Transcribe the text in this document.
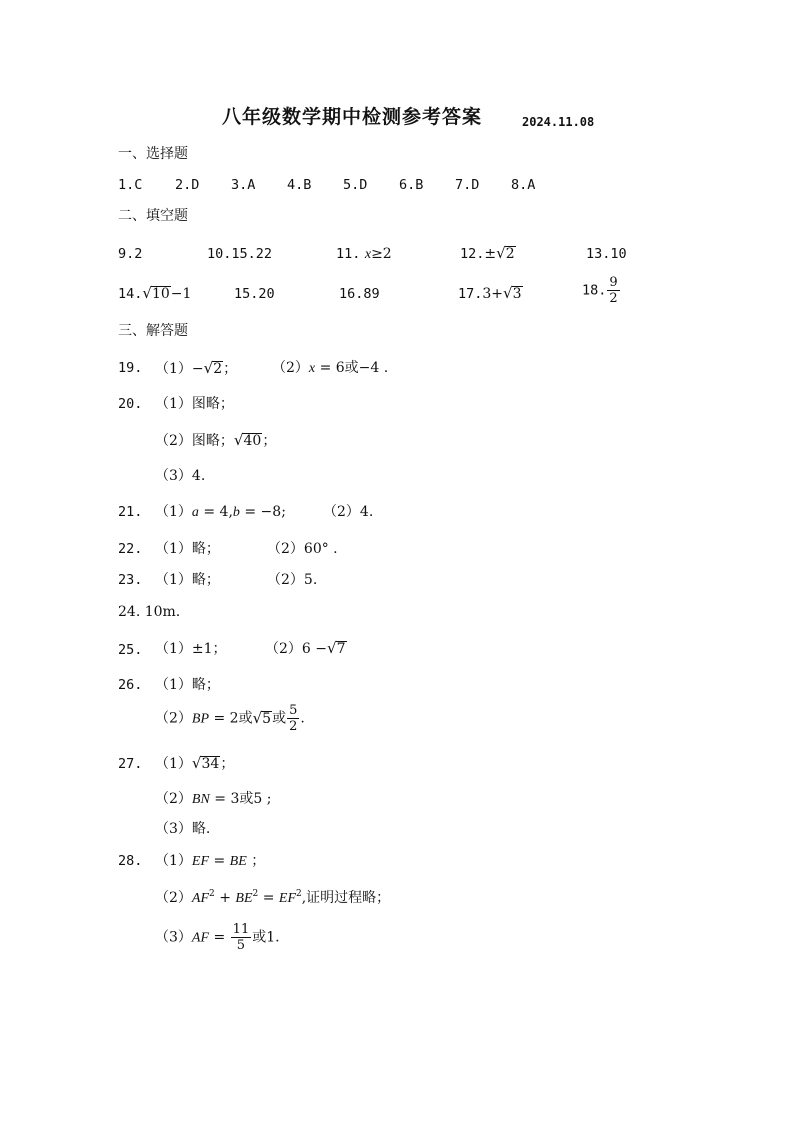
八年级数学期中检测参考答案	2024.11.08
一、选择题
1.C 2.D 3.A 4.B 5.D 6.B 7.D 8.A
二、填空题
9.2	10.15.22	11. x≥2	12.±√2	13.10
14.√10−1	15.20	16.89	17.3+√3	18. $\frac{9}{2}$
三、解答题
19. （1）−√2； （2）x = 6或−4 .
20. （1）图略；
（2）图略；√40；
（3）4.
21. （1）a = 4,b = −8;	（2）4.
22. （1）略；	（2）60° .
23. （1）略；	（2）5.
24. 10m.
25. （1）±1；	（2）6 −√7
26. （1）略；
（2）BP = 2或√5或 $\frac{5}{2}$ .
27. （1）√34；
（2）BN = 3或5 ;
（3）略.
28. （1）EF = BE ；
$(2)AF^2 + BE^2 = EF^2$,证明过程略；
$(3)AF = \frac{11}{5}$ 或1.
